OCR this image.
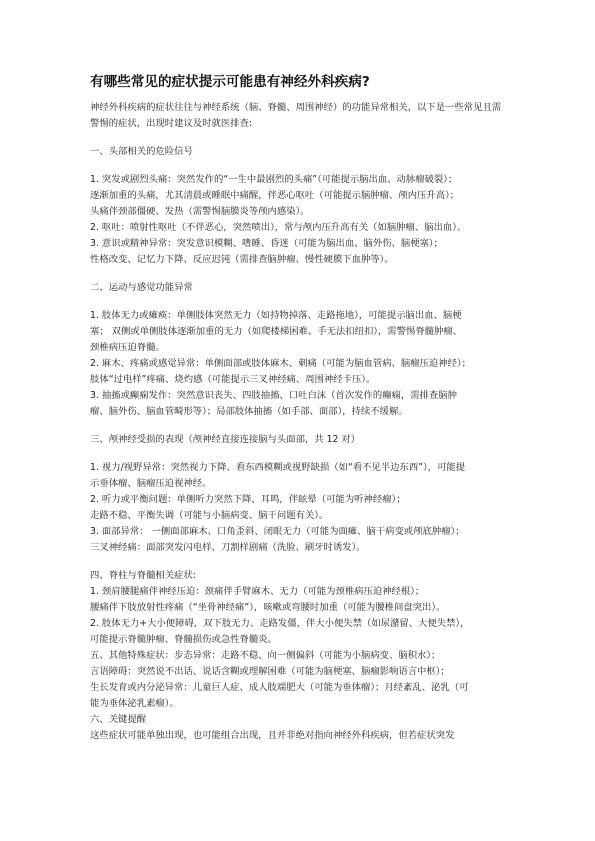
有哪些常见的症状提示可能患有神经外科疾病?

神经外科疾病的症状往往与神经系统（脑、脊髓、周围神经）的功能异常相关，以下是一些常见且需警惕的症状，出现时建议及时就医排查:

一、头部相关的危险信号

1. 突发或剧烈头痛：突然发作的“一生中最剧烈的头痛”（可能提示脑出血、动脉瘤破裂）；

逐渐加重的头痛，尤其清晨或睡眠中痛醒，伴恶心呕吐（可能提示脑肿瘤、颅内压升高）；

头痛伴颈部僵硬、发热（需警惕脑膜炎等颅内感染）。

2. 呕吐：喷射性呕吐（不伴恶心，突然喷出），常与颅内压升高有关（如脑肿瘤、脑出血）。

3. 意识或精神异常：突发意识模糊、嗜睡、昏迷（可能为脑出血、脑外伤、脑梗塞）；

性格改变、记忆力下降、反应迟钝（需排查脑肿瘤、慢性硬膜下血肿等）。

二、运动与感觉功能异常

1. 肢体无力或瘫痪：单侧肢体突然无力（如持物掉落、走路拖地），可能提示脑出血、脑梗

塞； 双侧或单侧肢体逐渐加重的无力（如爬楼梯困难、手无法扣纽扣），需警惕脊髓肿瘤、

颈椎病压迫脊髓。

2. 麻木、疼痛或感觉异常：单侧面部或肢体麻木、刺痛（可能为脑血管病、脑瘤压迫神经）；

肢体“过电样”疼痛、烧灼感（可能提示三叉神经痛、周围神经卡压）。

3. 抽搐或癫痫发作：突然意识丧失、四肢抽搐、口吐白沫（首次发作的癫痫，需排查脑肿

瘤、脑外伤、脑血管畸形等）；局部肢体抽搐（如手部、面部），持续不缓解。

三、颅神经受损的表现（颅神经直接连接脑与头面部，共 12 对）

1. 视力/视野异常：突然视力下降、看东西模糊或视野缺损（如“看不见半边东西”），可能提

示垂体瘤、脑瘤压迫视神经。

2. 听力或平衡问题：单侧听力突然下降、耳鸣，伴眩晕（可能为听神经瘤）；

走路不稳、平衡失调（可能与小脑病变、脑干问题有关）。

3. 面部异常： 一侧面部麻木、口角歪斜、闭眼无力（可能为面瘫、脑干病变或颅底肿瘤）；

三叉神经痛：面部突发闪电样、刀割样剧痛（洗脸、刷牙时诱发）。

四、脊柱与脊髓相关症状:

1. 颈肩腰腿痛伴神经压迫：颈痛伴手臂麻木、无力（可能为颈椎病压迫神经根）；

腰痛伴下肢放射性疼痛（“坐骨神经痛”），咳嗽或弯腰时加重（可能为腰椎间盘突出）。

2. 肢体无力+大小便障碍，双下肢无力、走路发僵，伴大小便失禁（如尿潴留、大便失禁），

可能提示脊髓肿瘤、脊髓损伤或急性脊髓炎。

五、其他特殊症状：步态异常：走路不稳、向一侧偏斜（可能为小脑病变、脑积水）；

言语障碍：突然说不出话、说话含糊或理解困难（可能为脑梗塞、脑瘤影响语言中枢）；

生长发育或内分泌异常：儿童巨人症、成人肢端肥大（可能为垂体瘤）；月经紊乱、泌乳（可

能为垂体泌乳素瘤）。

六、关键提醒

这些症状可能单独出现，也可能组合出现，且并非绝对指向神经外科疾病，但若症状突发
